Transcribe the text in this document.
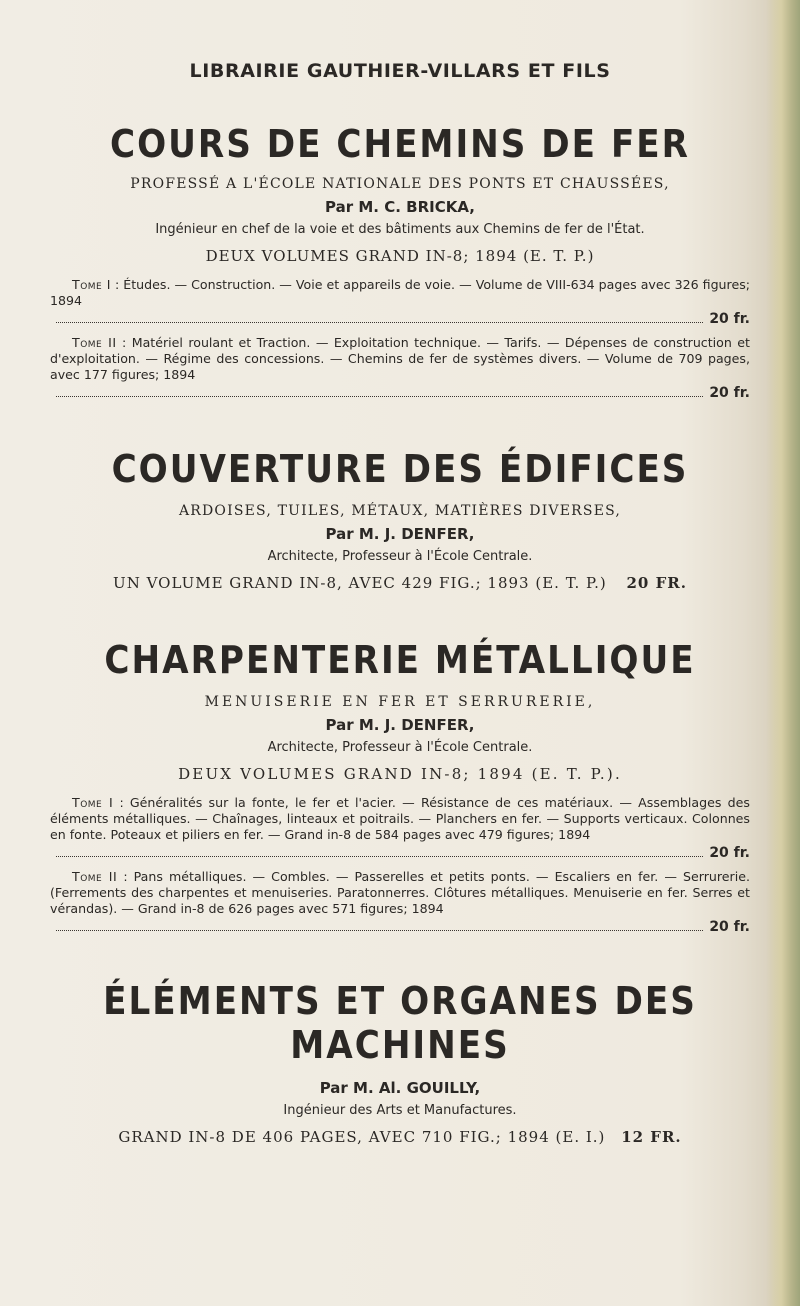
LIBRAIRIE GAUTHIER-VILLARS ET FILS
COURS DE CHEMINS DE FER
PROFESSÉ A L'ÉCOLE NATIONALE DES PONTS ET CHAUSSÉES,
Par M. C. BRICKA,
Ingénieur en chef de la voie et des bâtiments aux Chemins de fer de l'État.
DEUX VOLUMES GRAND IN-8; 1894 (E. T. P.)
Tome I : Études. — Construction. — Voie et appareils de voie. — Volume de VIII-634 pages avec 326 figures; 1894
20 fr.
Tome II : Matériel roulant et Traction. — Exploitation technique. — Tarifs. — Dépenses de construction et d'exploitation. — Régime des concessions. — Chemins de fer de systèmes divers. — Volume de 709 pages, avec 177 figures; 1894
20 fr.
COUVERTURE DES ÉDIFICES
ARDOISES, TUILES, MÉTAUX, MATIÈRES DIVERSES,
Par M. J. DENFER,
Architecte, Professeur à l'École Centrale.
UN VOLUME GRAND IN-8, AVEC 429 FIG.; 1893 (E. T. P.) 20 FR.
CHARPENTERIE MÉTALLIQUE
MENUISERIE EN FER ET SERRURERIE,
Par M. J. DENFER,
Architecte, Professeur à l'École Centrale.
DEUX VOLUMES GRAND IN-8; 1894 (E. T. P.).
Tome I : Généralités sur la fonte, le fer et l'acier. — Résistance de ces matériaux. — Assemblages des éléments métalliques. — Chaînages, linteaux et poitrails. — Planchers en fer. — Supports verticaux. Colonnes en fonte. Poteaux et piliers en fer. — Grand in-8 de 584 pages avec 479 figures; 1894
20 fr.
Tome II : Pans métalliques. — Combles. — Passerelles et petits ponts. — Escaliers en fer. — Serrurerie. (Ferrements des charpentes et menuiseries. Paratonnerres. Clôtures métalliques. Menuiserie en fer. Serres et vérandas). — Grand in-8 de 626 pages avec 571 figures; 1894
20 fr.
ÉLÉMENTS ET ORGANES DES MACHINES
Par M. Al. GOUILLY,
Ingénieur des Arts et Manufactures.
GRAND IN-8 DE 406 PAGES, AVEC 710 FIG.; 1894 (E. I.) 12 FR.
